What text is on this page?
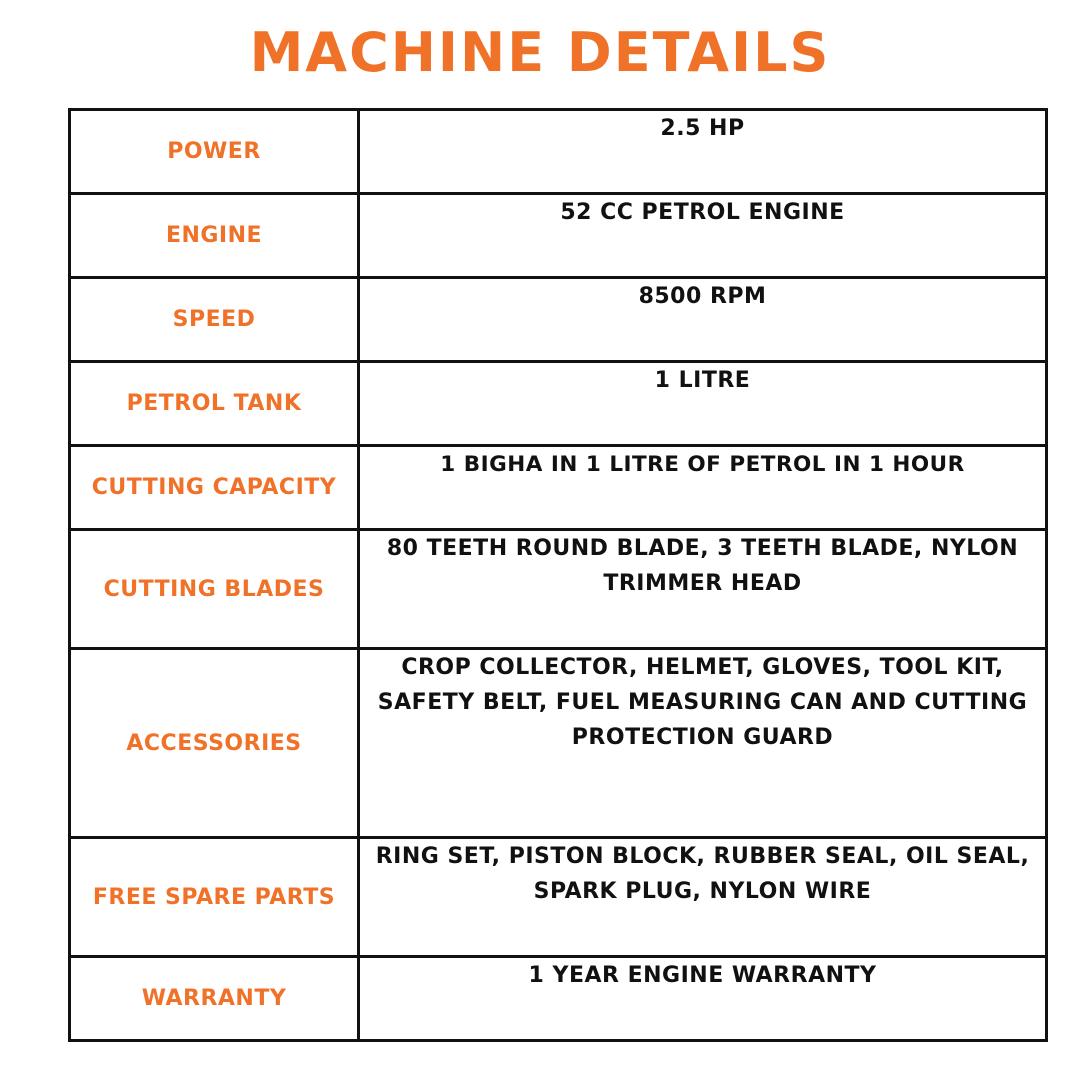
MACHINE DETAILS
POWER	2.5 HP
ENGINE	52 CC PETROL ENGINE
SPEED	8500 RPM
PETROL TANK	1 LITRE
CUTTING CAPACITY	1 BIGHA IN 1 LITRE OF PETROL IN 1 HOUR
CUTTING BLADES	80 TEETH ROUND BLADE, 3 TEETH BLADE, NYLON TRIMMER HEAD
ACCESSORIES	CROP COLLECTOR, HELMET, GLOVES, TOOL KIT, SAFETY BELT, FUEL MEASURING CAN AND CUTTING PROTECTION GUARD
FREE SPARE PARTS	RING SET, PISTON BLOCK, RUBBER SEAL, OIL SEAL, SPARK PLUG, NYLON WIRE
WARRANTY	1 YEAR ENGINE WARRANTY
